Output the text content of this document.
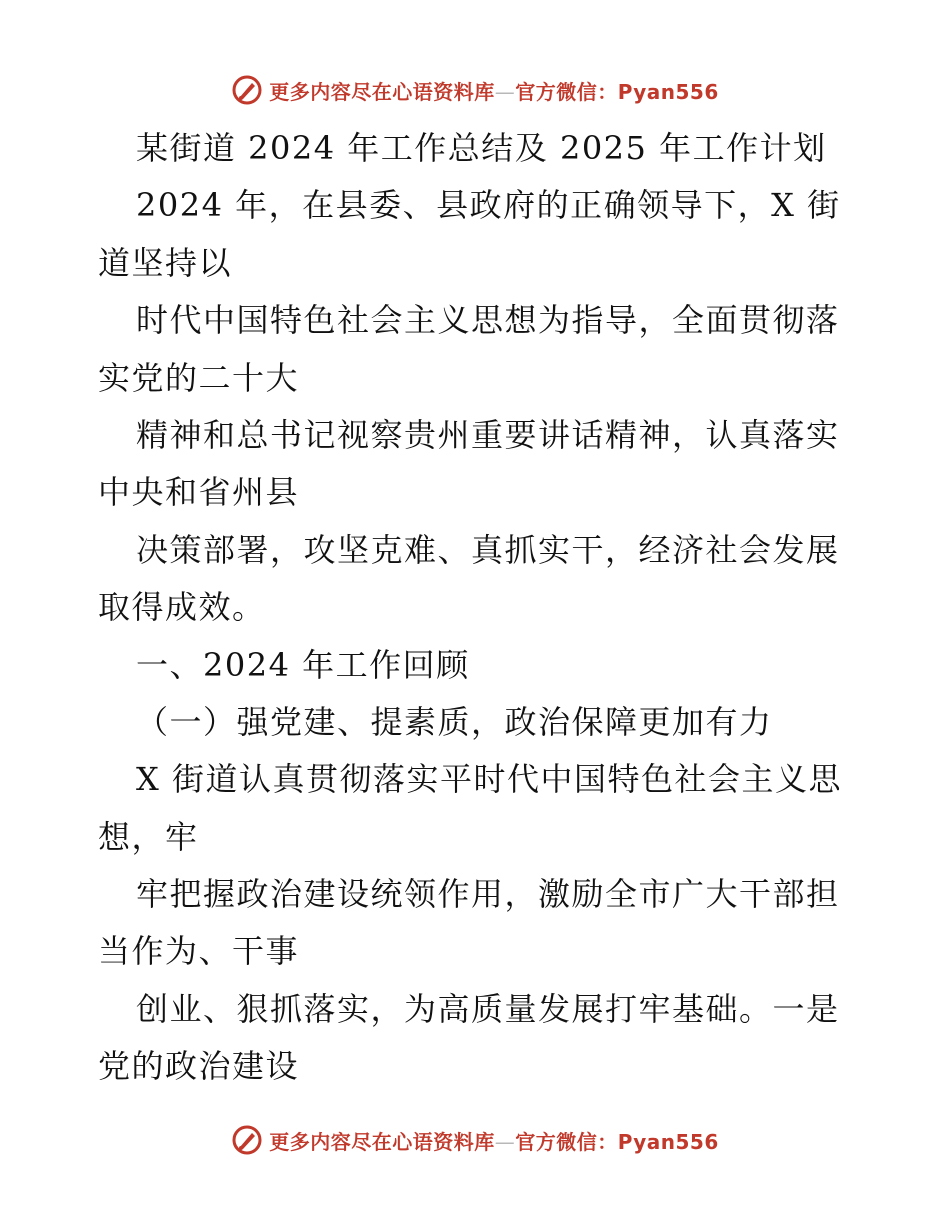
更多内容尽在心语资料库—官方微信：Pyan556
某街道 2024 年工作总结及 2025 年工作计划
2024 年，在县委、县政府的正确领导下，X 街
道坚持以
时代中国特色社会主义思想为指导，全面贯彻落
实党的二十大
精神和总书记视察贵州重要讲话精神，认真落实
中央和省州县
决策部署，攻坚克难、真抓实干，经济社会发展
取得成效。
一、2024 年工作回顾
（一）强党建、提素质，政治保障更加有力
X 街道认真贯彻落实平时代中国特色社会主义思
想，牢
牢把握政治建设统领作用，激励全市广大干部担
当作为、干事
创业、狠抓落实，为高质量发展打牢基础。一是
党的政治建设
更多内容尽在心语资料库—官方微信：Pyan556
